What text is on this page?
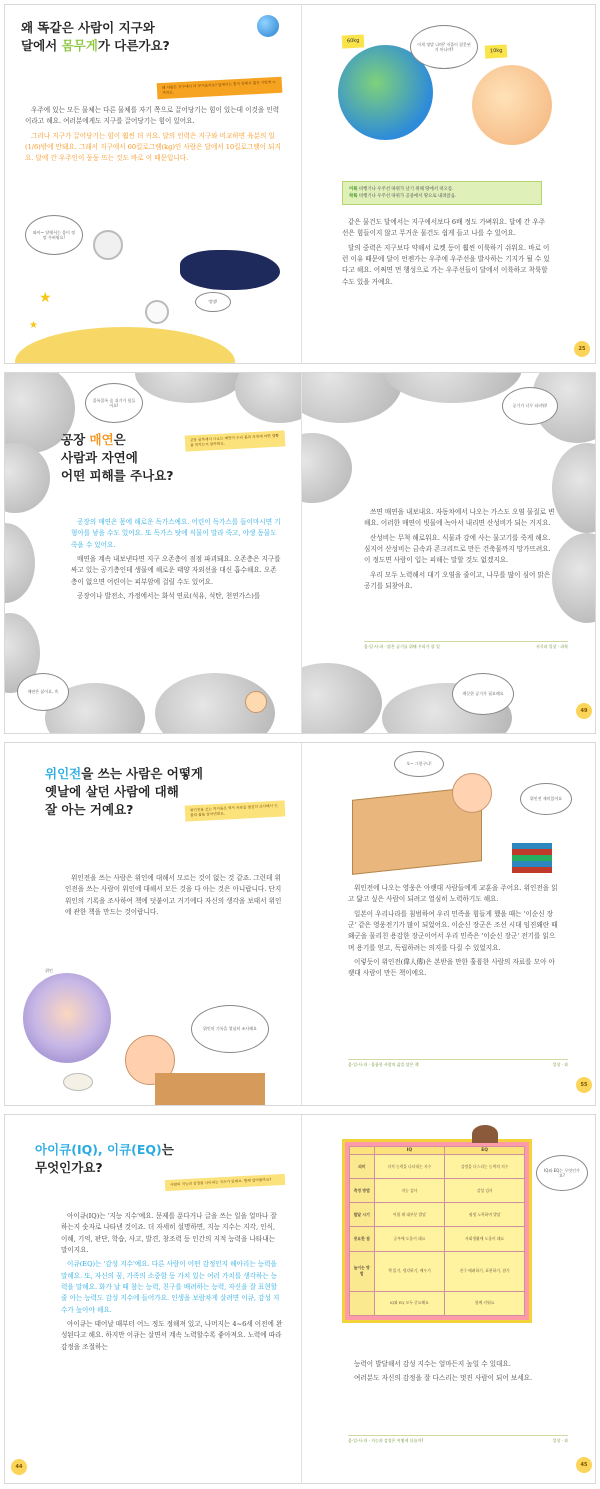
왜 똑같은 사람이 지구와
달에서 몸무게가 다른가요?
왜 사람은 지구에서 더 무거울까요? 달에서는 힘이 약해서 훨씬 가볍게 느껴져요.

우주에 있는 모든 물체는 다른 물체를 자기 쪽으로 끌어당기는 힘이 있는데 이것을 인력이라고 해요. 여러분에게도 지구를 끌어당기는 힘이 있어요.

그러나 지구가 끌어당기는 힘이 훨씬 더 커요. 달의 인력은 지구와 비교하면 육분의 일(1/6)밖에 안돼요. 그래서 지구에서 60킬로그램(kg)인 사람은 달에서 10킬로그램이 되지요. 달에 간 우주인이 둥둥 뜨는 것도 바로 이 때문입니다.

와아~ 달에서는 몸이 정말 가벼워요!
멍멍!
★
★
60kg
10kg
이게 정말 나야? 저울이 잘못된 거 아니야?
이륙 비행기나 우주선 따위가 날기 위해 땅에서 떠오름.
착륙 비행기나 우주선 따위가 공중에서 땅으로 내려앉음.

같은 물건도 달에서는 지구에서보다 6배 정도 가벼워요. 달에 간 우주선은 힘들이지 않고 무거운 물건도 쉽게 들고 나를 수 있어요.

달의 중력은 지구보다 약해서 로켓 등이 훨씬 이륙하기 쉬워요. 바로 이런 이유 때문에 달이 언젠가는 우주에 우주선을 발사하는 기지가 될 수 있다고 해요. 어쩌면 먼 행성으로 가는 우주선들이 달에서 이륙하고 착륙할 수도 있을 거예요.

25
콜록콜록 숨 쉬기가 힘들어요!
공장 굴뚝에서 나오는 매연이 우리 몸과 자연에 어떤 영향을 미치는지 알아봐요.
공장 매연은
사람과 자연에
어떤 피해를 주나요?

공장의 매연은 몸에 해로운 독가스예요. 어린이 독가스를 들이마시면 기형아를 낳을 수도 있어요. 또 독가스 탓에 식물이 말라 죽고, 야생 동물도 죽을 수 있어요.

매연을 계속 내보낸다면 지구 오존층이 점점 파괴돼요. 오존층은 지구를 싸고 있는 공기층인데 생물에 해로운 태양 자외선을 대신 흡수해요. 오존층이 없으면 어린이는 피부암에 걸릴 수도 있어요.

공장이나 발전소, 가정에서는 화석 연료(석유, 석탄, 천연가스)를

매연은 싫어요, 흑
공기가 너무 더러워!

쓰면 매연을 내보내요. 자동차에서 나오는 가스도 오염 물질로 변해요. 이러한 매연이 빗물에 녹아서 내리면 산성비가 되는 거지요.

산성비는 무척 해로워요. 식물과 강에 사는 물고기를 죽게 해요. 심지어 산성비는 금속과 콘크리트로 만든 건축물까지 망가뜨려요. 이 정도면 사람이 입는 피해는 말할 것도 없겠지요.

우리 모두 노력해서 대기 오염을 줄이고, 나무를 많이 심어 맑은 공기를 되찾아요.

몸·일·사·과 · 맑은 공기를 위해 우리가 할 일	지식과 일상 · 과학
깨끗한 공기가 필요해요
49
위인전을 쓰는 사람은 어떻게
옛날에 살던 사람에 대해
잘 아는 거예요?	위인전을 쓰는 작가들은 역사 자료를 열심히 조사해서 인물의 삶을 알아낸대요.

위인전을 쓰는 사람은 위인에 대해서 모르는 것이 없는 것 같죠. 그런데 위인전을 쓰는 사람이 위인에 대해서 모든 것을 다 아는 것은 아니랍니다. 단지 위인의 기록을 조사하여 책에 덧붙이고 거기에다 자신의 생각을 보태서 위인에 관한 책을 만드는 것이랍니다.

위인
위인의 기록을 열심히 조사해요
오~ 그렇구나!
위인전 재미있어요

위인전에 나오는 영웅은 아랫대 사람들에게 교훈을 주어요. 위인전을 읽고 닮고 싶은 사람이 되려고 열심히 노력하기도 해요.

일본이 우리나라를 침범하여 우리 민족을 힘들게 했을 때는 '이순신 장군' 같은 영웅전기가 많이 되었어요. 이순신 장군은 조선 시대 임진왜란 때 왜군을 물리친 용감한 장군이어서 우리 민족은 '이순신 장군' 전기를 읽으며 용기를 얻고, 독립하려는 의지를 다질 수 있었지요.

이렇듯이 위인전(偉人傳)은 본받을 만한 훌륭한 사람의 자료를 모아 아랫대 사람이 만든 책이에요.

몸·일·사·과 · 훌륭한 사람의 삶을 담은 책	일상 · 과
55
아이큐(IQ), 이큐(EQ)는
무엇인가요?
사람의 지능과 감정을 나타내는 지수가 있대요. 함께 알아볼까요?

아이큐(IQ)는 '지능 지수'예요. 문제를 푼다거나 글을 쓰는 일을 얼마나 잘하는지 숫자로 나타낸 것이죠. 더 자세히 설명하면, 지능 지수는 지각, 인식, 이해, 기억, 판단, 학습, 사고, 발견, 창조력 등 인간의 지적 능력을 나타내는 말이지요.

이큐(EQ)는 '감성 지수'예요. 다른 사람이 어떤 감정인지 헤아리는 능력을 말해요. 또, 자신의 꿈, 가족의 소중함 등 가치 있는 여러 가치를 생각하는 능력을 말해요. 화가 날 때 참는 능력, 친구를 배려하는 능력, 자신을 잘 표현할 줄 아는 능력도 감성 지수에 들어가요. 인생을 보람차게 살려면 이큐, 감성 지수가 높아야 해요.

아이큐는 태어날 때부터 어느 정도 정해져 있고, 나머지는 4~6세 이전에 완성된다고 해요. 하지만 이큐는 살면서 계속 노력할수록 좋아져요. 노력에 따라 감정을 조절하는

44
	IQ	EQ
의미	지적 능력을 나타내는 지수	감정을 다스리는 능력의 지수
측정 방법	지능 검사	감성 검사
발달 시기	어릴 때 대부분 발달	평생 노력하며 발달
중요한 점	공부에 도움이 돼요	사회생활에 도움이 돼요
높이는 방법	책 읽기, 생각하기, 배우기	친구 배려하기, 표현하기, 참기
	IQ와 EQ 모두 중요해요	함께 키워요
IQ와 EQ는 무엇인가요?

능력이 발달해서 감성 지수는 얼마든지 높일 수 있대요.

여러분도 자신의 감정을 잘 다스리는 멋진 사람이 되어 보세요.

몸·일·사·과 · 지능과 감성은 어떻게 다를까?	일상 · 과
45
